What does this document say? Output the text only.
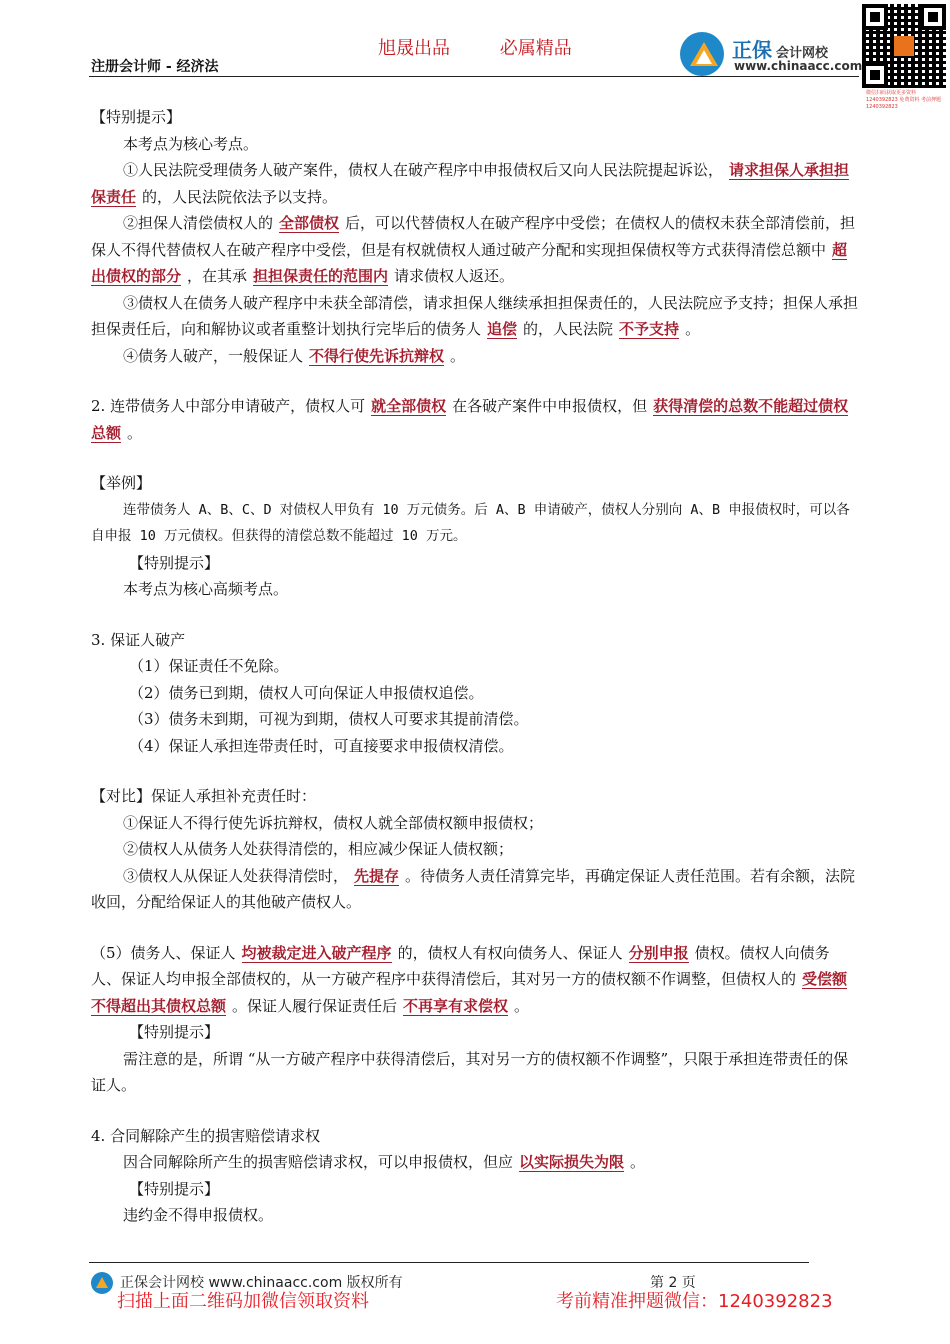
旭晟出品	必属精品	正保 会计网校
www.chinaacc.com
微信扫码获取更多资料 1240392823 免费资料 考前押题 1240392823
注册会计师 - 经济法

【特别提示】

本考点为核心考点。

①人民法院受理债务人破产案件，债权人在破产程序中申报债权后又向人民法院提起诉讼， 请求担保人承担担保责任 的，人民法院依法予以支持。

②担保人清偿债权人的 全部债权 后，可以代替债权人在破产程序中受偿；在债权人的债权未获全部清偿前，担保人不得代替债权人在破产程序中受偿，但是有权就债权人通过破产分配和实现担保债权等方式获得清偿总额中 超出债权的部分 ，在其承 担担保责任的范围内 请求债权人返还。

③债权人在债务人破产程序中未获全部清偿，请求担保人继续承担担保责任的，人民法院应予支持；担保人承担担保责任后，向和解协议或者重整计划执行完毕后的债务人 追偿 的，人民法院 不予支持 。

④债务人破产，一般保证人 不得行使先诉抗辩权 。

2. 连带债务人中部分申请破产，债权人可 就全部债权 在各破产案件中申报债权，但 获得清偿的总数不能超过债权总额 。

【举例】

连带债务人 A、B、C、D 对债权人甲负有 10 万元债务。后 A、B 申请破产，债权人分别向 A、B 申报债权时，可以各自申报 10 万元债权。但获得的清偿总数不能超过 10 万元。

【特别提示】

本考点为核心高频考点。

3. 保证人破产

（1）保证责任不免除。

（2）债务已到期，债权人可向保证人申报债权追偿。

（3）债务未到期，可视为到期，债权人可要求其提前清偿。

（4）保证人承担连带责任时，可直接要求申报债权清偿。

【对比】保证人承担补充责任时：

①保证人不得行使先诉抗辩权，债权人就全部债权额申报债权；

②债权人从债务人处获得清偿的，相应减少保证人债权额；

③债权人从保证人处获得清偿时， 先提存 。待债务人责任清算完毕，再确定保证人责任范围。若有余额，法院收回，分配给保证人的其他破产债权人。

（5）债务人、保证人 均被裁定进入破产程序 的，债权人有权向债务人、保证人 分别申报 债权。债权人向债务人、保证人均申报全部债权的，从一方破产程序中获得清偿后，其对另一方的债权额不作调整，但债权人的 受偿额不得超出其债权总额 。保证人履行保证责任后 不再享有求偿权 。

【特别提示】

需注意的是，所谓 “从一方破产程序中获得清偿后，其对另一方的债权额不作调整”，只限于承担连带责任的保证人。

4. 合同解除产生的损害赔偿请求权

因合同解除所产生的损害赔偿请求权，可以申报债权，但应 以实际损失为限 。

【特别提示】

违约金不得申报债权。

正保会计网校 www.chinaacc.com 版权所有	第 2 页
扫描上面二维码加微信领取资料	考前精准押题微信：1240392823
